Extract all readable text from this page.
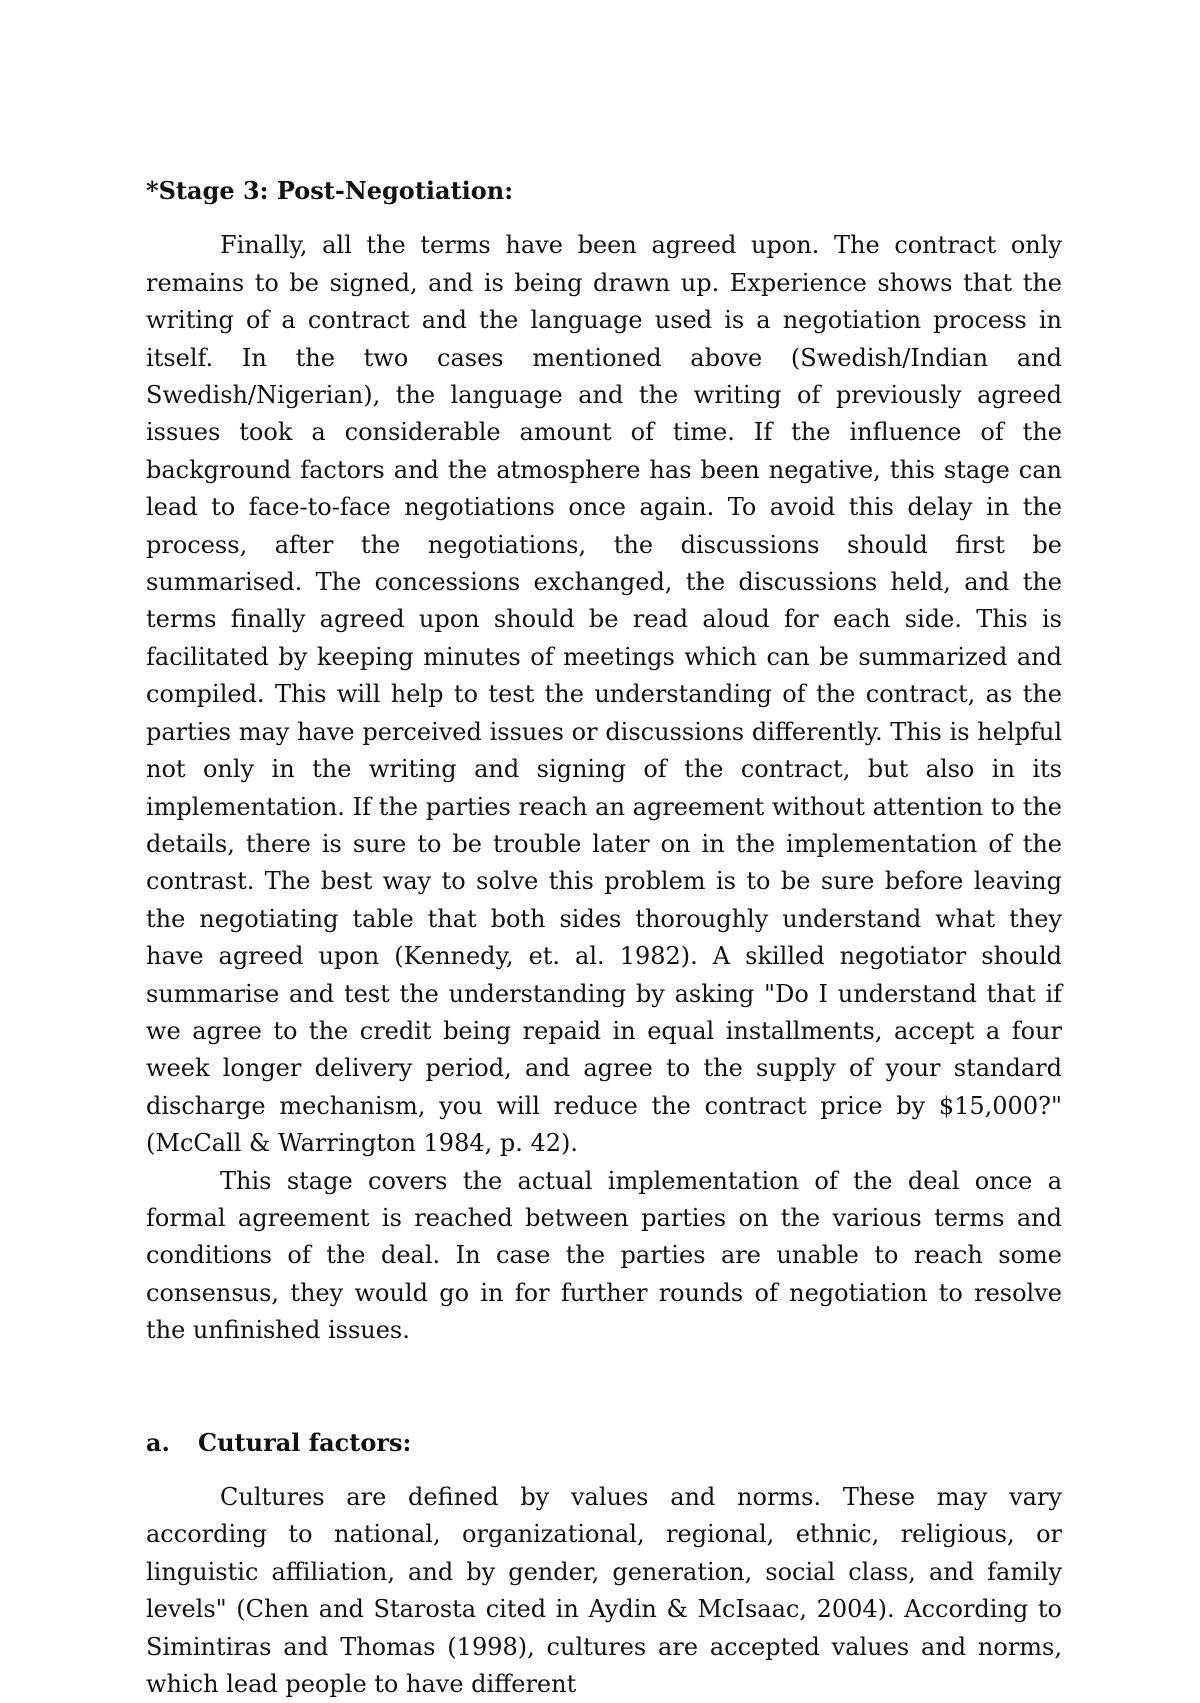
*Stage 3: Post-Negotiation:

Finally, all the terms have been agreed upon. The contract only remains to be signed, and is being drawn up. Experience shows that the writing of a contract and the language used is a negotiation process in itself. In the two cases mentioned above (Swedish/Indian and Swedish/Nigerian), the language and the writing of previously agreed issues took a considerable amount of time. If the influence of the background factors and the atmosphere has been negative, this stage can lead to face-to-face negotiations once again. To avoid this delay in the process, after the negotiations, the discussions should first be summarised. The concessions exchanged, the discussions held, and the terms finally agreed upon should be read aloud for each side. This is facilitated by keeping minutes of meetings which can be summarized and compiled. This will help to test the understanding of the contract, as the parties may have perceived issues or discussions differently. This is helpful not only in the writing and signing of the contract, but also in its implementation. If the parties reach an agreement without attention to the details, there is sure to be trouble later on in the implementation of the contrast. The best way to solve this problem is to be sure before leaving the negotiating table that both sides thoroughly understand what they have agreed upon (Kennedy, et. al. 1982). A skilled negotiator should summarise and test the understanding by asking "Do I understand that if we agree to the credit being repaid in equal installments, accept a four week longer delivery period, and agree to the supply of your standard discharge mechanism, you will reduce the contract price by $15,000?" (McCall & Warrington 1984, p. 42).

This stage covers the actual implementation of the deal once a formal agreement is reached between parties on the various terms and conditions of the deal. In case the parties are unable to reach some consensus, they would go in for further rounds of negotiation to resolve the unfinished issues.

a.	Cutural factors:

Cultures are defined by values and norms. These may vary according to national, organizational, regional, ethnic, religious, or linguistic affiliation, and by gender, generation, social class, and family levels" (Chen and Starosta cited in Aydin & McIsaac, 2004). According to Simintiras and Thomas (1998), cultures are accepted values and norms, which lead people to have different
